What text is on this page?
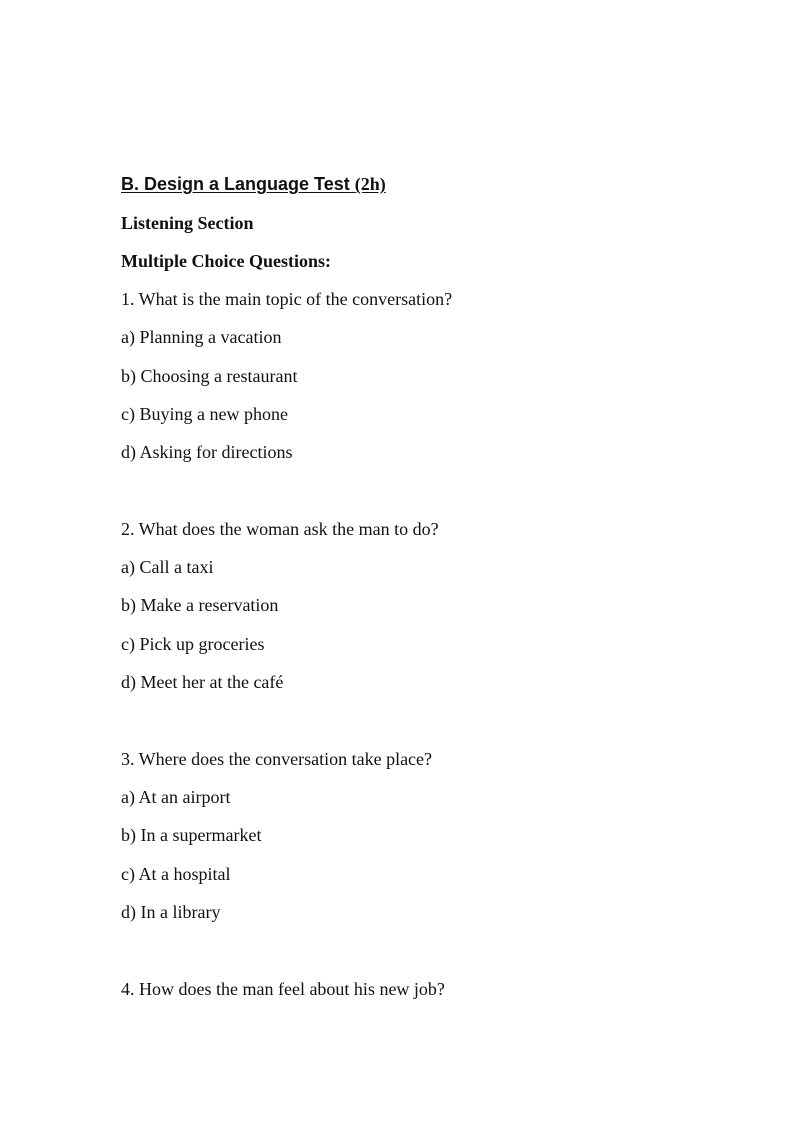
B. Design a Language Test (2h)
Listening Section
Multiple Choice Questions:
1. What is the main topic of the conversation?
a) Planning a vacation
b) Choosing a restaurant
c) Buying a new phone
d) Asking for directions
2. What does the woman ask the man to do?
a) Call a taxi
b) Make a reservation
c) Pick up groceries
d) Meet her at the café
3. Where does the conversation take place?
a) At an airport
b) In a supermarket
c) At a hospital
d) In a library
4. How does the man feel about his new job?
